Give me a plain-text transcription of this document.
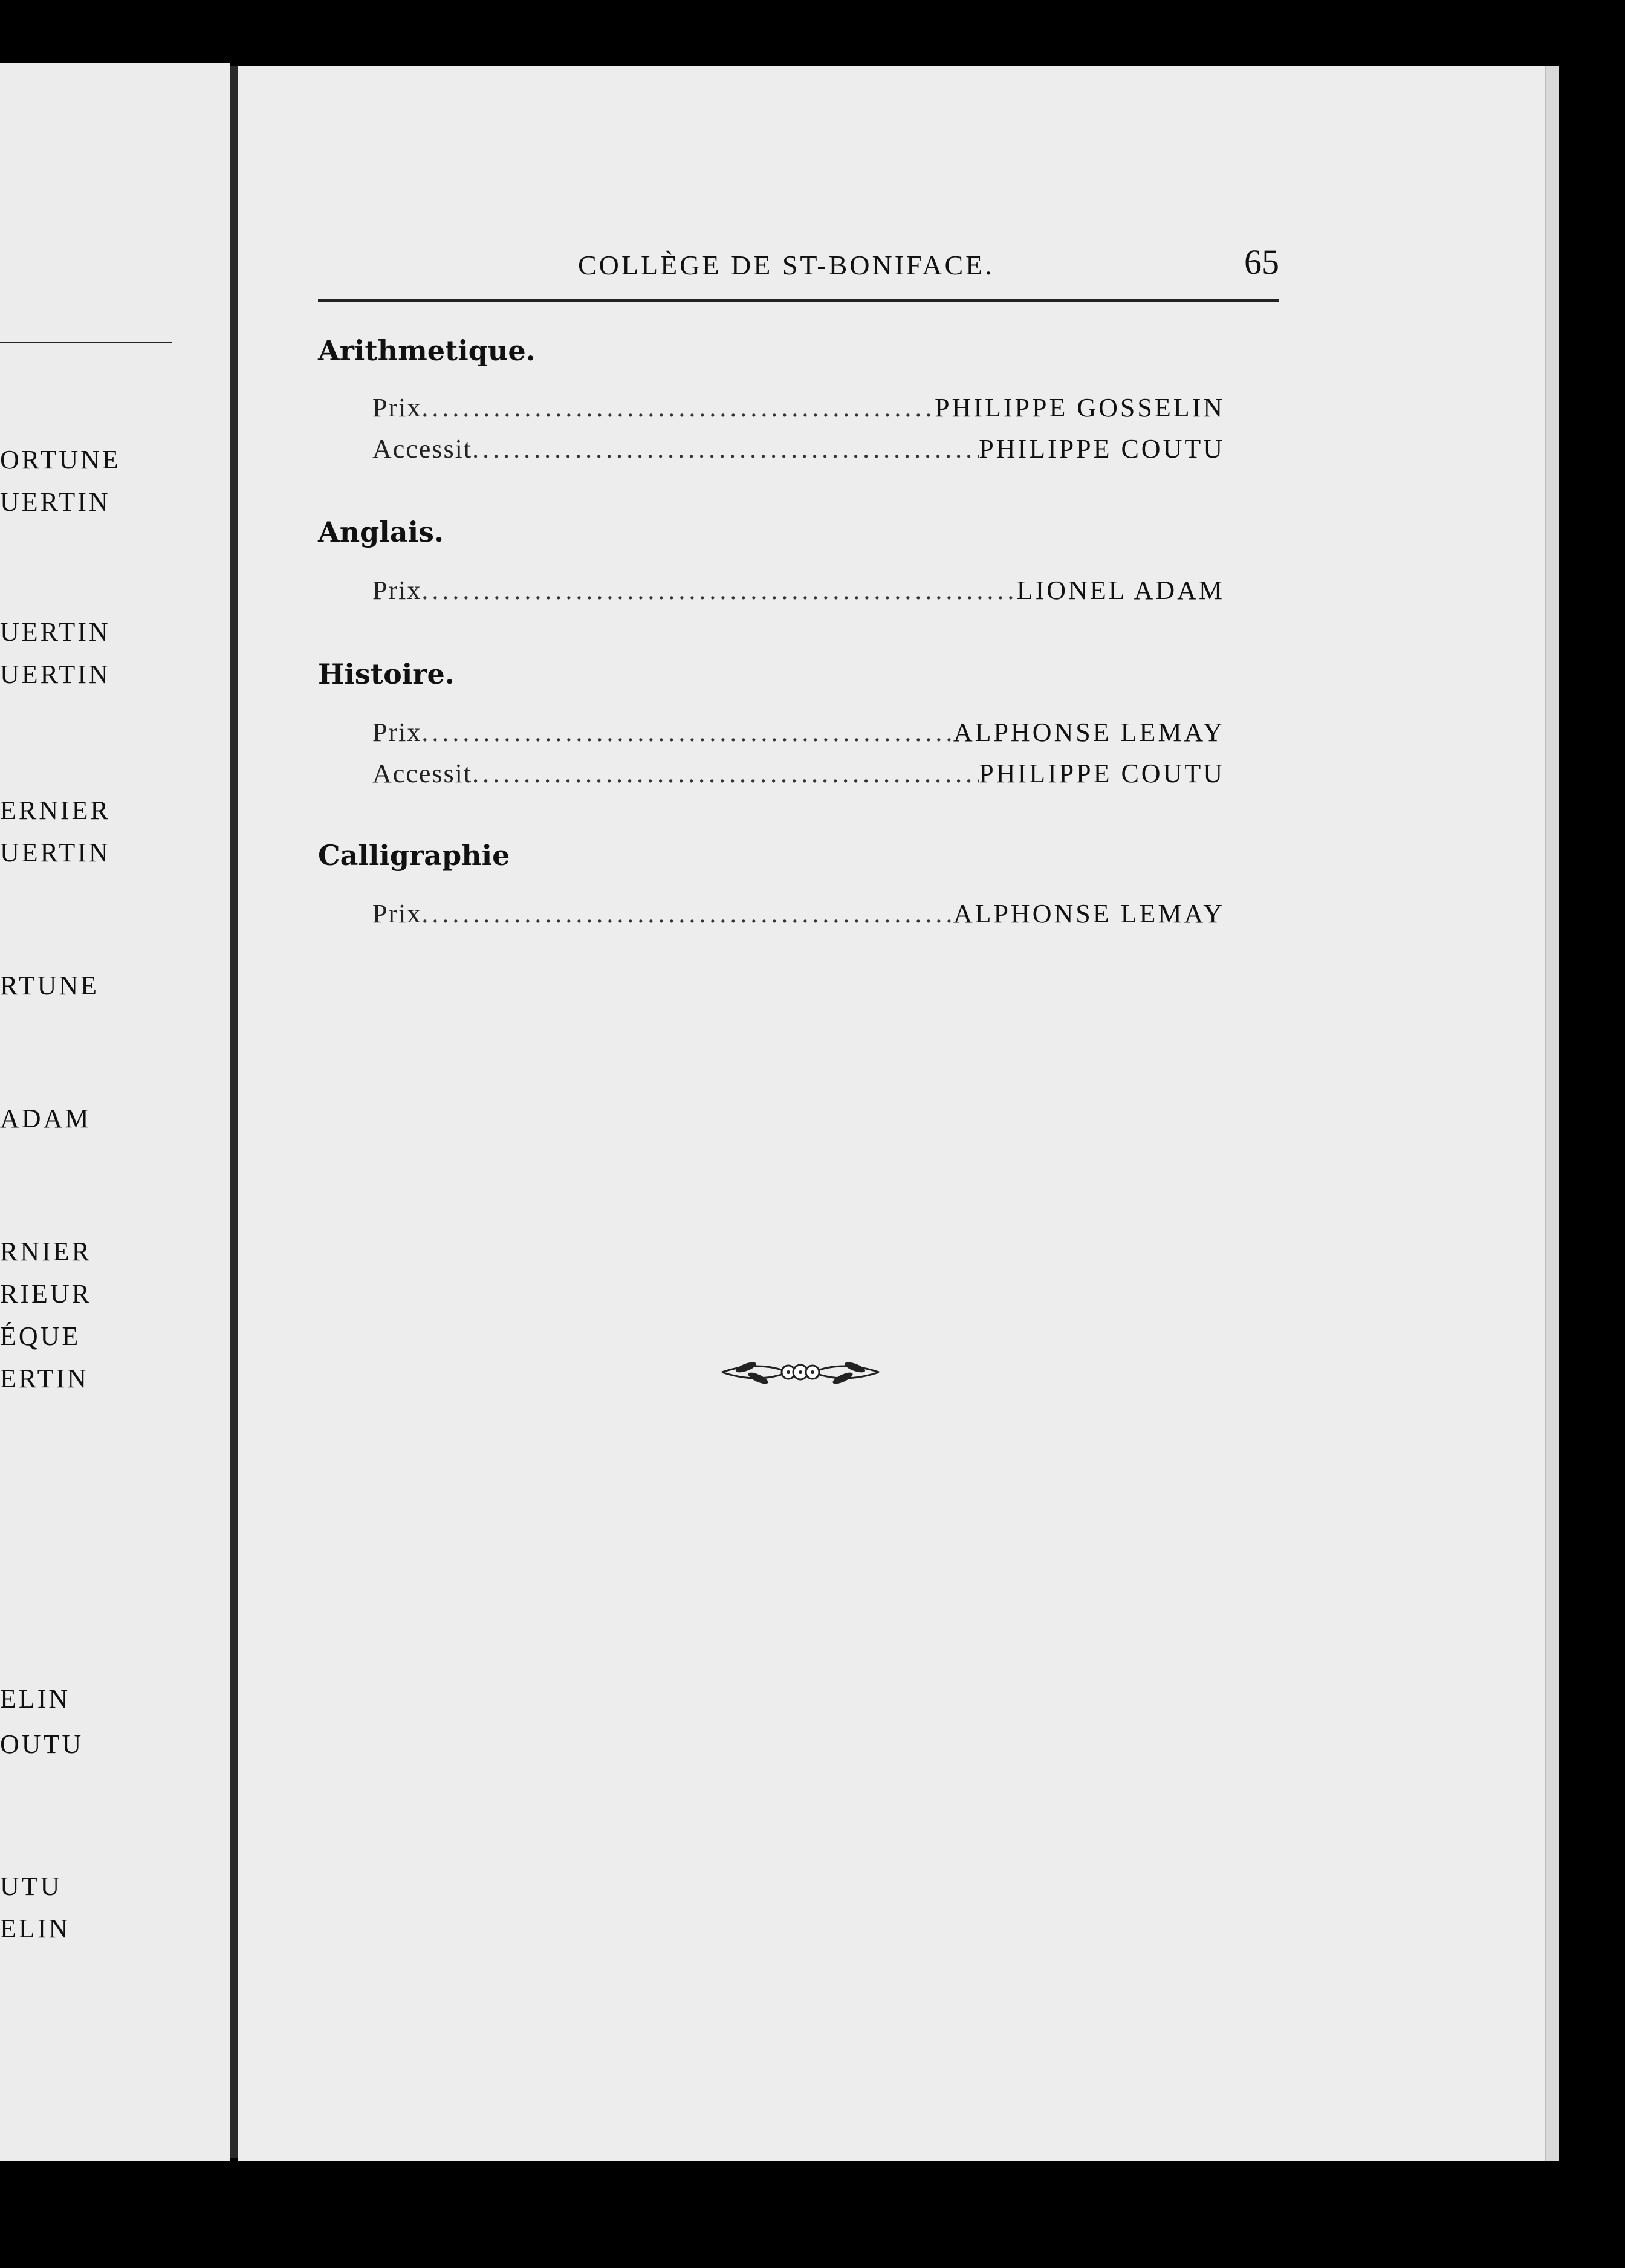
ORTUNE
UERTIN
UERTIN
UERTIN
ERNIER
UERTIN
RTUNE
ADAM
RNIER
RIEUR
ÉQUE
ERTIN
ELIN
OUTU
UTU
ELIN
COLLÈGE DE ST-BONIFACE.	65
Arithmetique.
Prix .....	PHILIPPE GOSSELIN
Accessit .....	PHILIPPE COUTU
Anglais.
Prix .....	LIONEL ADAM
Histoire.
Prix .....	ALPHONSE LEMAY
Accessit .....	PHILIPPE COUTU
Calligraphie
Prix .....	ALPHONSE LEMAY
